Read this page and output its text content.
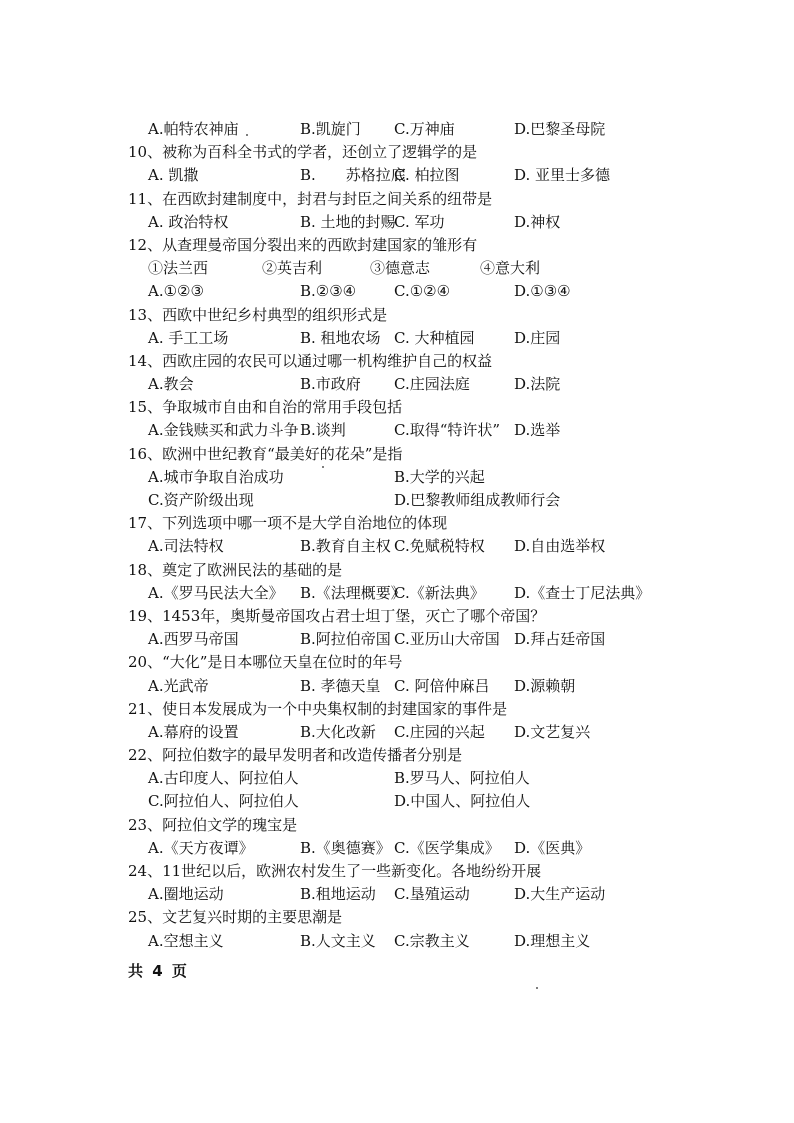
A.帕特农神庙	B.凯旋门 C.万神庙	D.巴黎圣母院
10、被称为百科全书式的学者，还创立了逻辑学的是
A. 凯撒	B.　　苏格拉底
C. 柏拉图	D. 亚里士多德
11、在西欧封建制度中，封君与封臣之间关系的纽带是
A. 政治特权	B. 土地的封赐
C. 军功	D.神权
12、从查理曼帝国分裂出来的西欧封建国家的雏形有
①法兰西	②英吉利	③德意志	④意大利
A.①②③	B.②③④	C.①②④	D.①③④
13、西欧中世纪乡村典型的组织形式是
A. 手工工场	B. 租地农场 C. 大种植园	D.庄园
14、西欧庄园的农民可以通过哪一机构维护自己的权益
A.教会	B.市政府 C.庄园法庭	D.法院
15、争取城市自由和自治的常用手段包括
A.金钱赎买和武力斗争 B.谈判	C.取得“特许状” D.选举
16、欧洲中世纪教育“最美好的花朵”是指
A.城市争取自治成功	B.大学的兴起
C.资产阶级出现	D.巴黎教师组成教师行会
17、下列选项中哪一项不是大学自治地位的体现
A.司法特权	B.教育自主权 C.免赋税特权 D.自由选举权
18、奠定了欧洲民法的基础的是
A.《罗马民法大全》 B.《法理概要》
C.《新法典》 D.《查士丁尼法典》
19、1453年，奥斯曼帝国攻占君士坦丁堡，灭亡了哪个帝国？
A.西罗马帝国	B.阿拉伯帝国 C.亚历山大帝国 D.拜占廷帝国
20、“大化”是日本哪位天皇在位时的年号
A.光武帝	B. 孝德天皇 C. 阿倍仲麻吕 D.源赖朝
21、使日本发展成为一个中央集权制的封建国家的事件是
A.幕府的设置	B.大化改新 C.庄园的兴起 D.文艺复兴
22、阿拉伯数字的最早发明者和改造传播者分别是
A.古印度人、阿拉伯人	B.罗马人、阿拉伯人
C.阿拉伯人、阿拉伯人	D.中国人、阿拉伯人
23、阿拉伯文学的瑰宝是
A.《天方夜谭》	B.《奥德赛》 C.《医学集成》 D.《医典》
24、11世纪以后，欧洲农村发生了一些新变化。各地纷纷开展
A.圈地运动	B.租地运动 C.垦殖运动	D.大生产运动
25、文艺复兴时期的主要思潮是
A.空想主义	B.人文主义 C.宗教主义	D.理想主义
共 4 页
